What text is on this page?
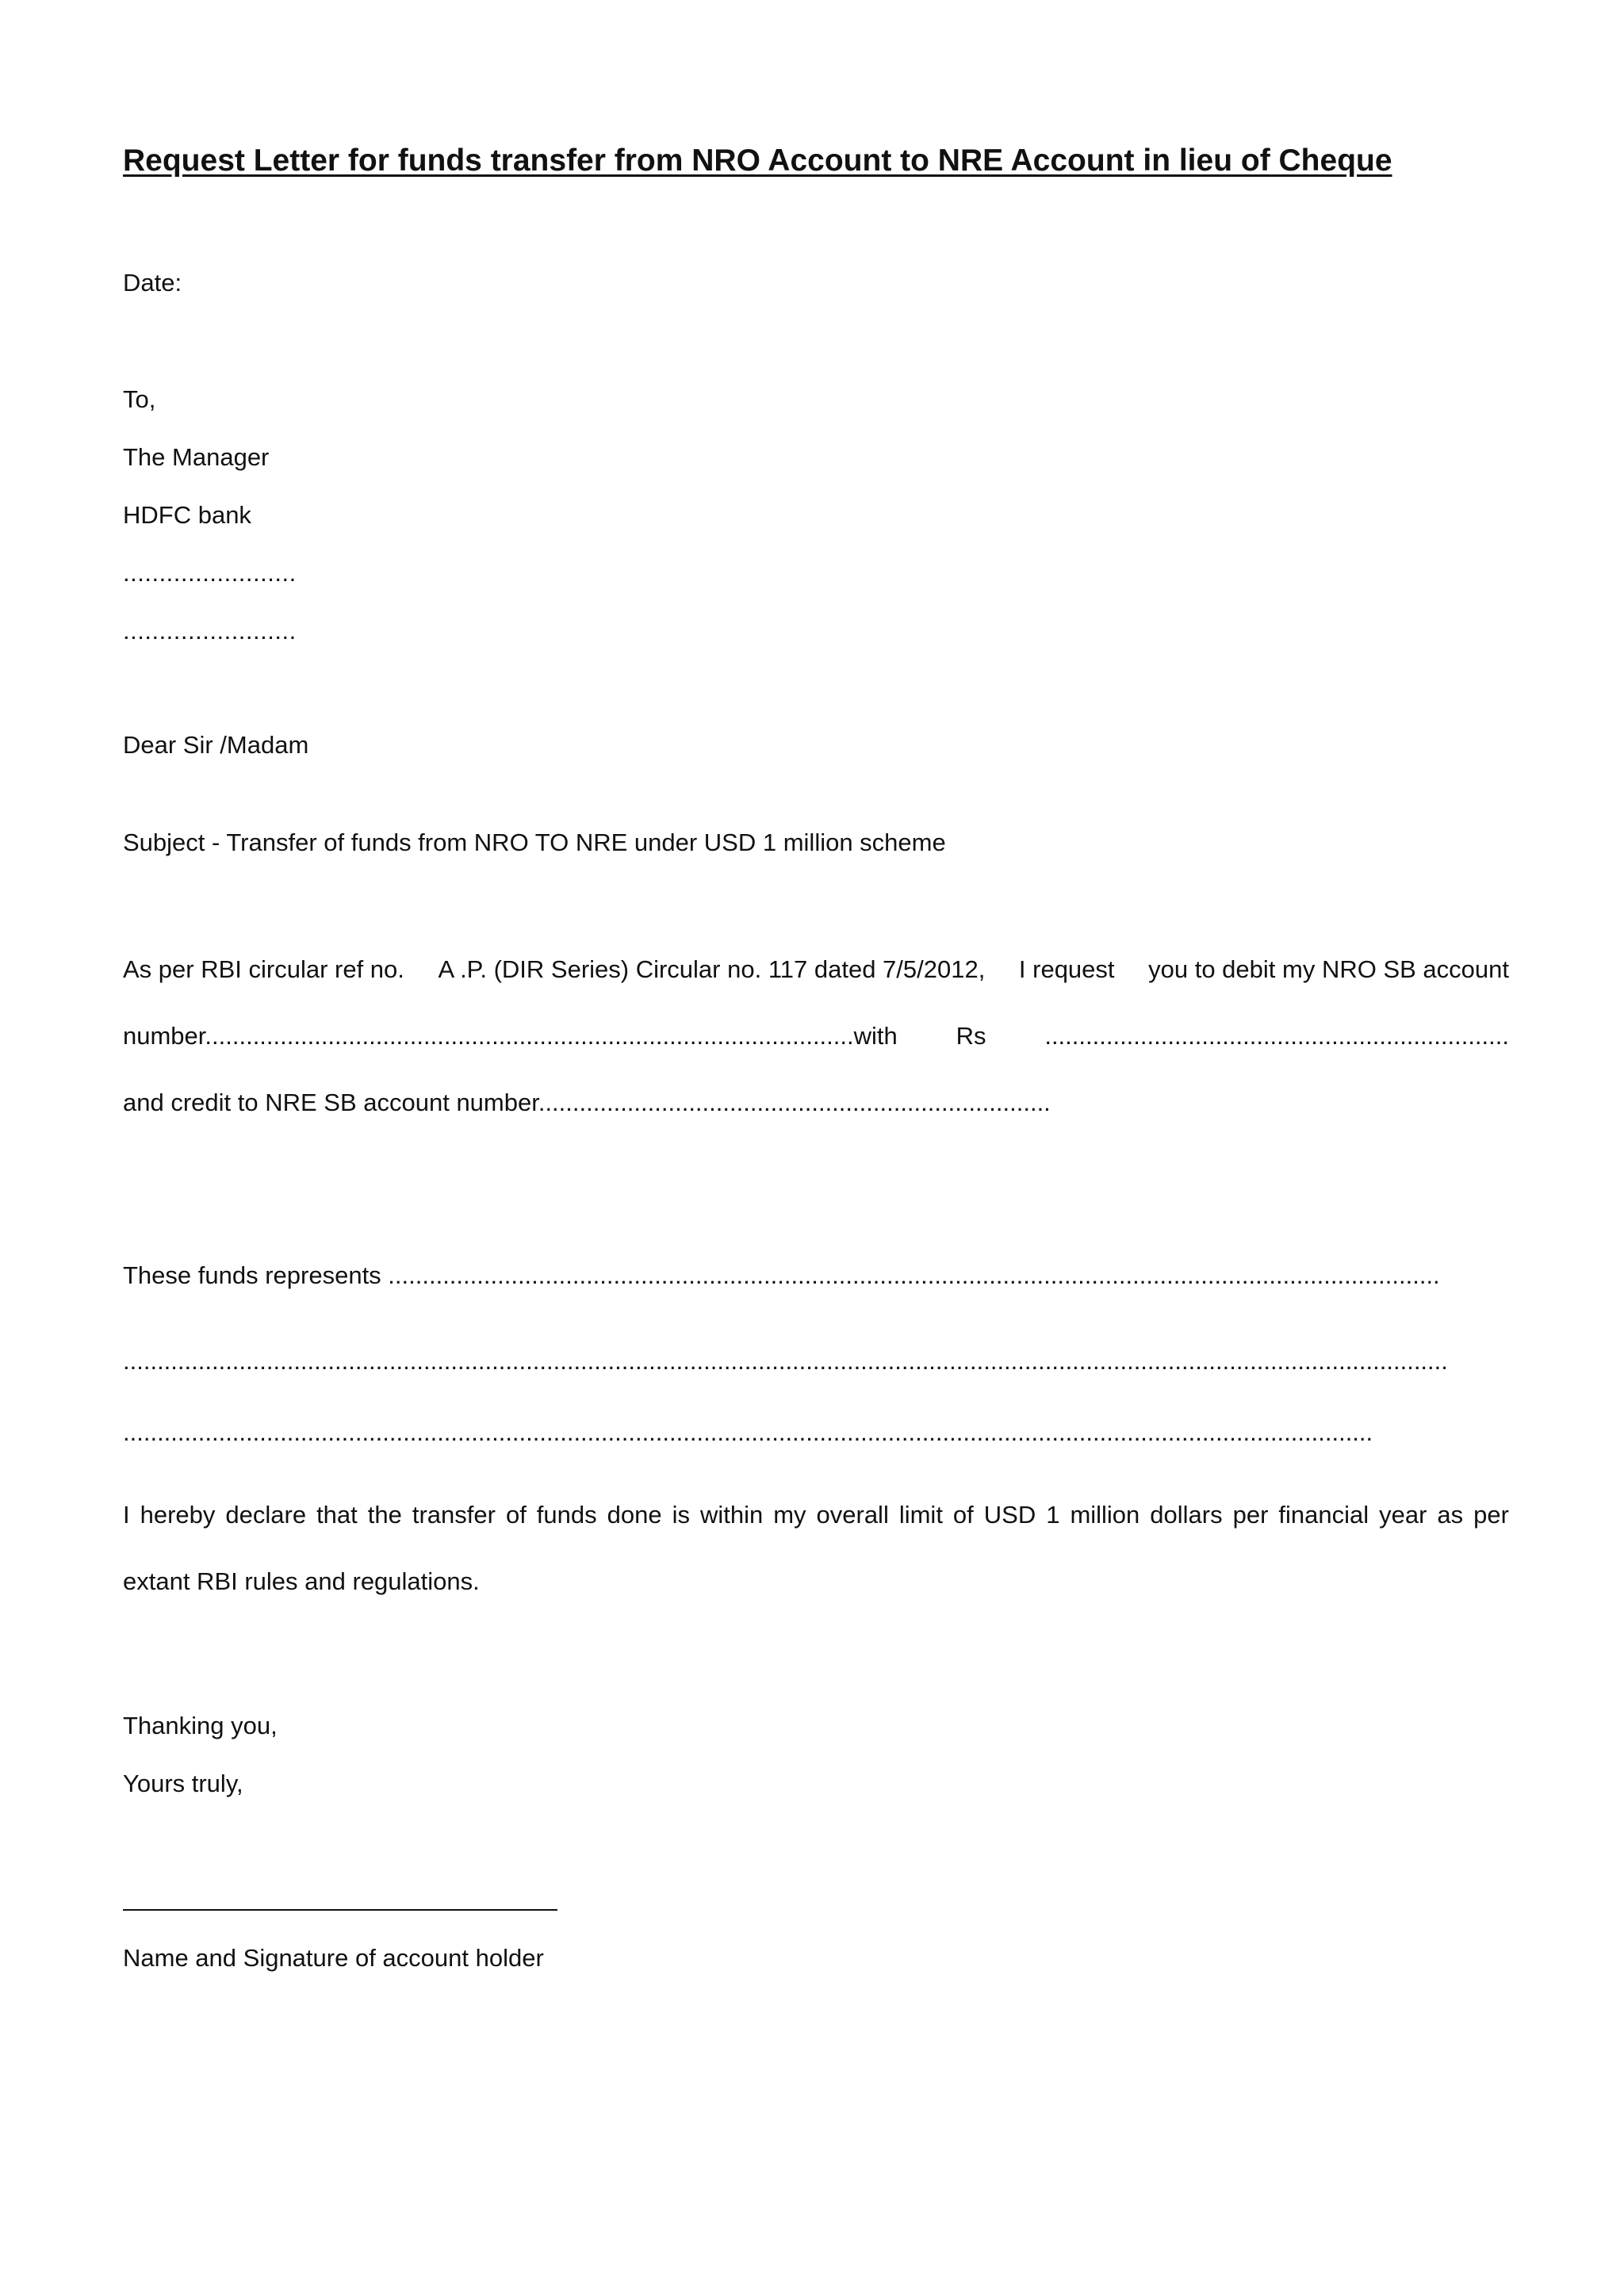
Request Letter for funds transfer from NRO Account to NRE Account in lieu of Cheque
Date:
To,
The Manager
HDFC bank
........................
........................
Dear Sir /Madam
Subject - Transfer of funds from NRO TO NRE under USD 1 million scheme
As per RBI circular ref no. A .P. (DIR Series) Circular no. 117 dated 7/5/2012, I request you to debit my NRO SB account
number...............................................................................................with Rs ....................................................................
and credit to NRE SB account number...........................................................................
These funds represents ..........................................................................................................................................................
..................................................................................................................................................................................................
.......................................................................................................................................................................................
I hereby declare that the transfer of funds done is within my overall limit of USD 1 million dollars per financial year as per
extant RBI rules and regulations.
Thanking you,
Yours truly,
Name and Signature of account holder
